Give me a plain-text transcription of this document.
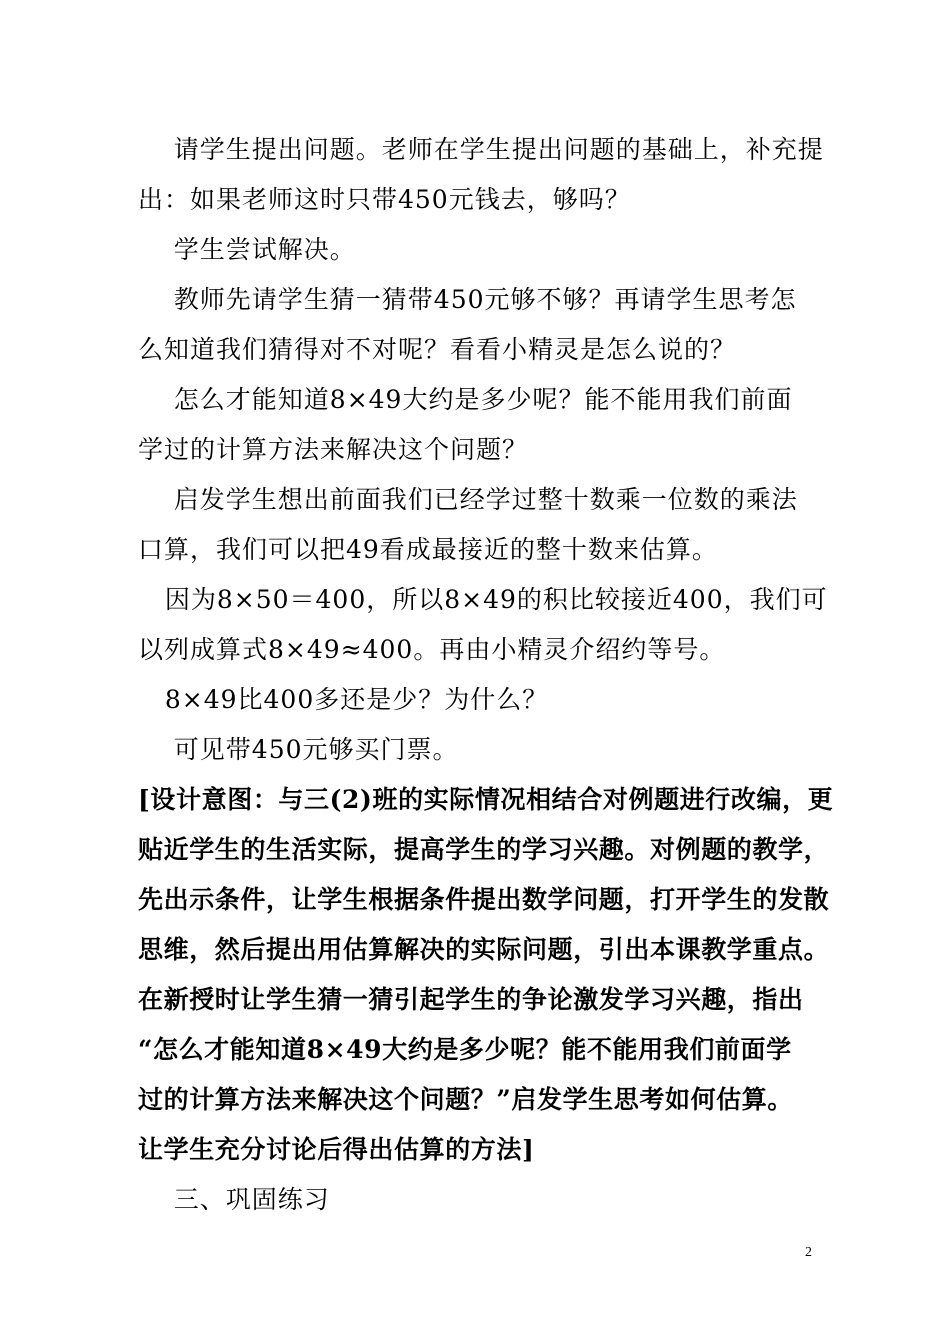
请学生提出问题。老师在学生提出问题的基础上，补充提
出：如果老师这时只带450元钱去，够吗？
学生尝试解决。
教师先请学生猜一猜带450元够不够？再请学生思考怎
么知道我们猜得对不对呢？看看小精灵是怎么说的？
怎么才能知道8×49大约是多少呢？能不能用我们前面
学过的计算方法来解决这个问题？
启发学生想出前面我们已经学过整十数乘一位数的乘法
口算，我们可以把49看成最接近的整十数来估算。
因为8×50＝400，所以8×49的积比较接近400，我们可
以列成算式8×49≈400。再由小精灵介绍约等号。
8×49比400多还是少？为什么？
可见带450元够买门票。
[设计意图：与三(2)班的实际情况相结合对例题进行改编，更
贴近学生的生活实际，提高学生的学习兴趣。对例题的教学，
先出示条件，让学生根据条件提出数学问题，打开学生的发散
思维，然后提出用估算解决的实际问题，引出本课教学重点。
在新授时让学生猜一猜引起学生的争论激发学习兴趣，指出
“怎么才能知道8×49大约是多少呢？能不能用我们前面学
过的计算方法来解决这个问题？”启发学生思考如何估算。
让学生充分讨论后得出估算的方法]
三、巩固练习
2
